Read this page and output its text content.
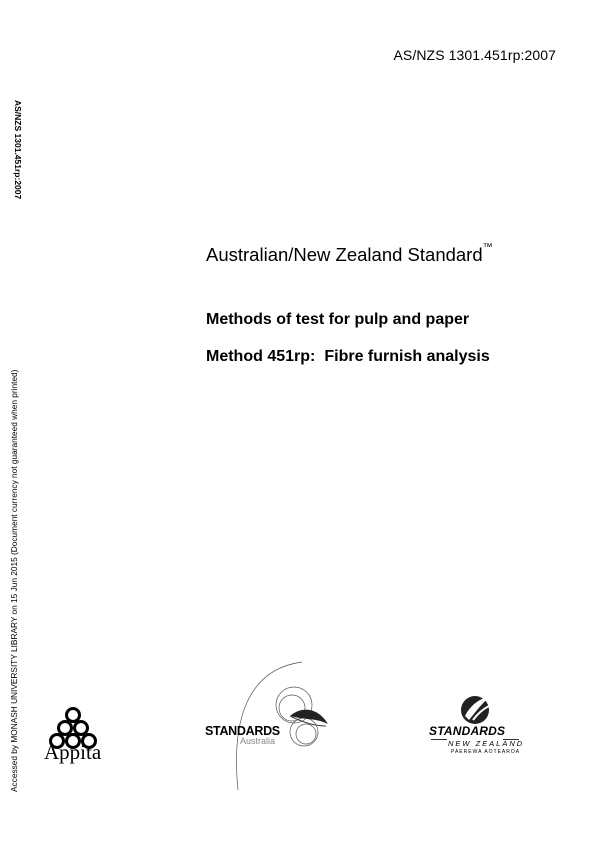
AS/NZS 1301.451rp:2007
AS/NZS 1301.451rp:2007
Accessed by MONASH UNIVERSITY LIBRARY on 15 Jun 2015 (Document currency not guaranteed when printed)
Australian/New Zealand Standard™
Methods of test for pulp and paper
Method 451rp: Fibre furnish analysis
Appita
STANDARDS
Australia
STANDARDS
NEW ZEALAND
PAEREWA AOTEAROA
